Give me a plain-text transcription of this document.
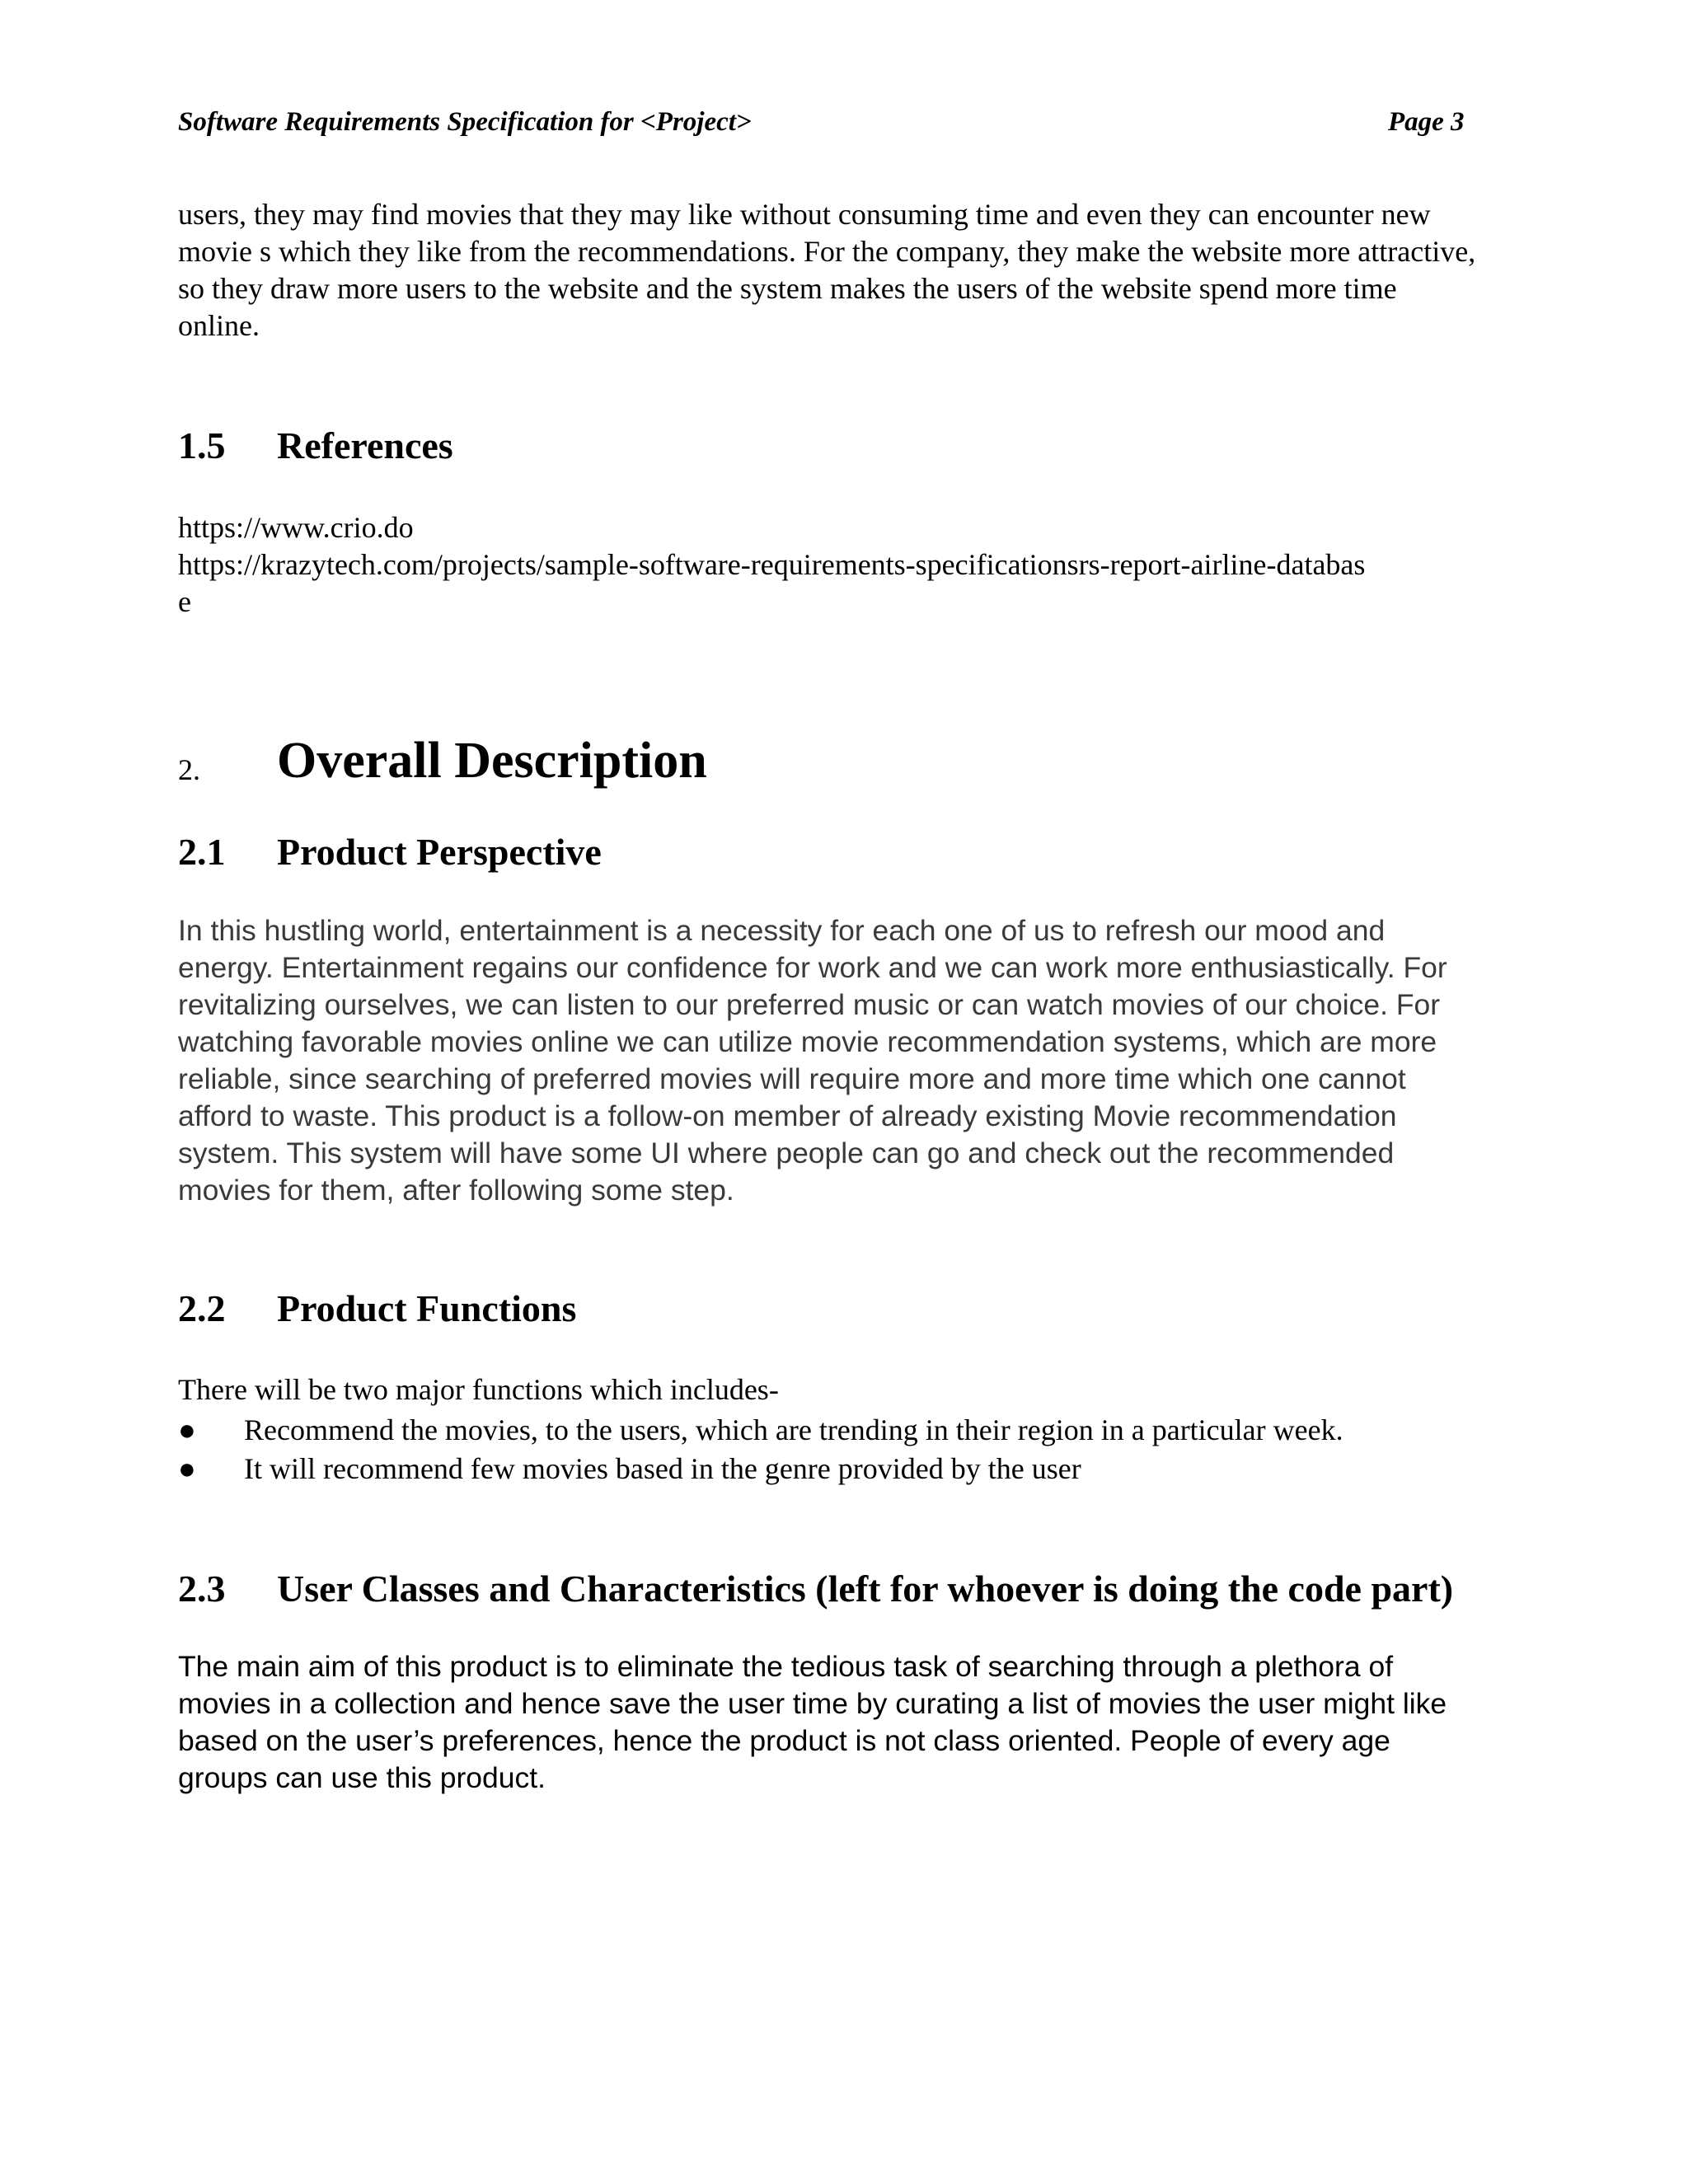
Software Requirements Specification for <Project>	Page 3

users, they may find movies that they may like without consuming time and even they can encounter new
movie s which they like from the recommendations. For the company, they make the website more attractive,
so they draw more users to the website and the system makes the users of the website spend more time
online.

1.5 References
https://www.crio.do
https://krazytech.com/projects/sample-software-requirements-specificationsrs-report-airline-databas
e
2. Overall Description
2.1 Product Perspective

In this hustling world, entertainment is a necessity for each one of us to refresh our mood and
energy. Entertainment regains our confidence for work and we can work more enthusiastically. For
revitalizing ourselves, we can listen to our preferred music or can watch movies of our choice. For
watching favorable movies online we can utilize movie recommendation systems, which are more
reliable, since searching of preferred movies will require more and more time which one cannot
afford to waste. This product is a follow-on member of already existing Movie recommendation
system. This system will have some UI where people can go and check out the recommended
movies for them, after following some step.

2.2 Product Functions

There will be two major functions which includes-

● Recommend the movies, to the users, which are trending in their region in a particular week.
● It will recommend few movies based in the genre provided by the user
2.3 User Classes and Characteristics (left for whoever is doing the code part)

The main aim of this product is to eliminate the tedious task of searching through a plethora of
movies in a collection and hence save the user time by curating a list of movies the user might like
based on the user’s preferences, hence the product is not class oriented. People of every age
groups can use this product.
